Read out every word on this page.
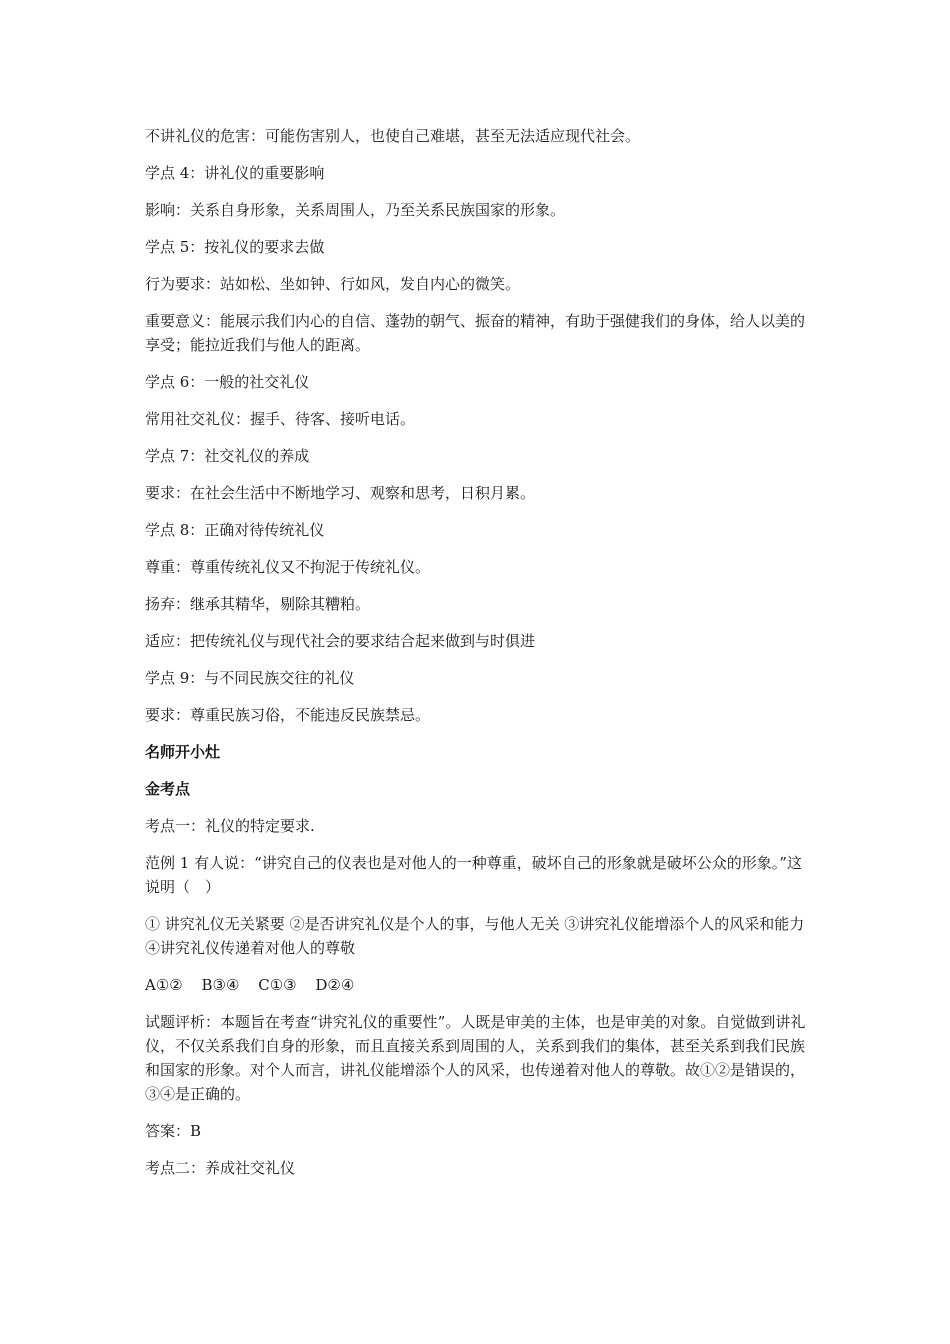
不讲礼仪的危害：可能伤害别人，也使自己难堪，甚至无法适应现代社会。

学点 4：讲礼仪的重要影响

影响：关系自身形象，关系周围人，乃至关系民族国家的形象。

学点 5：按礼仪的要求去做

行为要求：站如松、坐如钟、行如风，发自内心的微笑。

重要意义：能展示我们内心的自信、蓬勃的朝气、振奋的精神，有助于强健我们的身体，给人以美的享受；能拉近我们与他人的距离。

学点 6：一般的社交礼仪

常用社交礼仪：握手、待客、接听电话。

学点 7：社交礼仪的养成

要求：在社会生活中不断地学习、观察和思考，日积月累。

学点 8：正确对待传统礼仪

尊重：尊重传统礼仪又不拘泥于传统礼仪。

扬弃：继承其精华，剔除其糟粕。

适应：把传统礼仪与现代社会的要求结合起来做到与时俱进

学点 9：与不同民族交往的礼仪

要求：尊重民族习俗，不能违反民族禁忌。

名师开小灶

金考点

考点一：礼仪的特定要求.

范例 1 有人说：“讲究自己的仪表也是对他人的一种尊重，破坏自己的形象就是破坏公众的形象。”这说明（　）

① 讲究礼仪无关紧要 ②是否讲究礼仪是个人的事，与他人无关 ③讲究礼仪能增添个人的风采和能力④讲究礼仪传递着对他人的尊敬

A①② B③④ C①③ D②④

试题评析：本题旨在考查“讲究礼仪的重要性”。人既是审美的主体，也是审美的对象。自觉做到讲礼仪，不仅关系我们自身的形象，而且直接关系到周围的人，关系到我们的集体，甚至关系到我们民族和国家的形象。对个人而言，讲礼仪能增添个人的风采，也传递着对他人的尊敬。故①②是错误的，③④是正确的。

答案：B

考点二：养成社交礼仪
